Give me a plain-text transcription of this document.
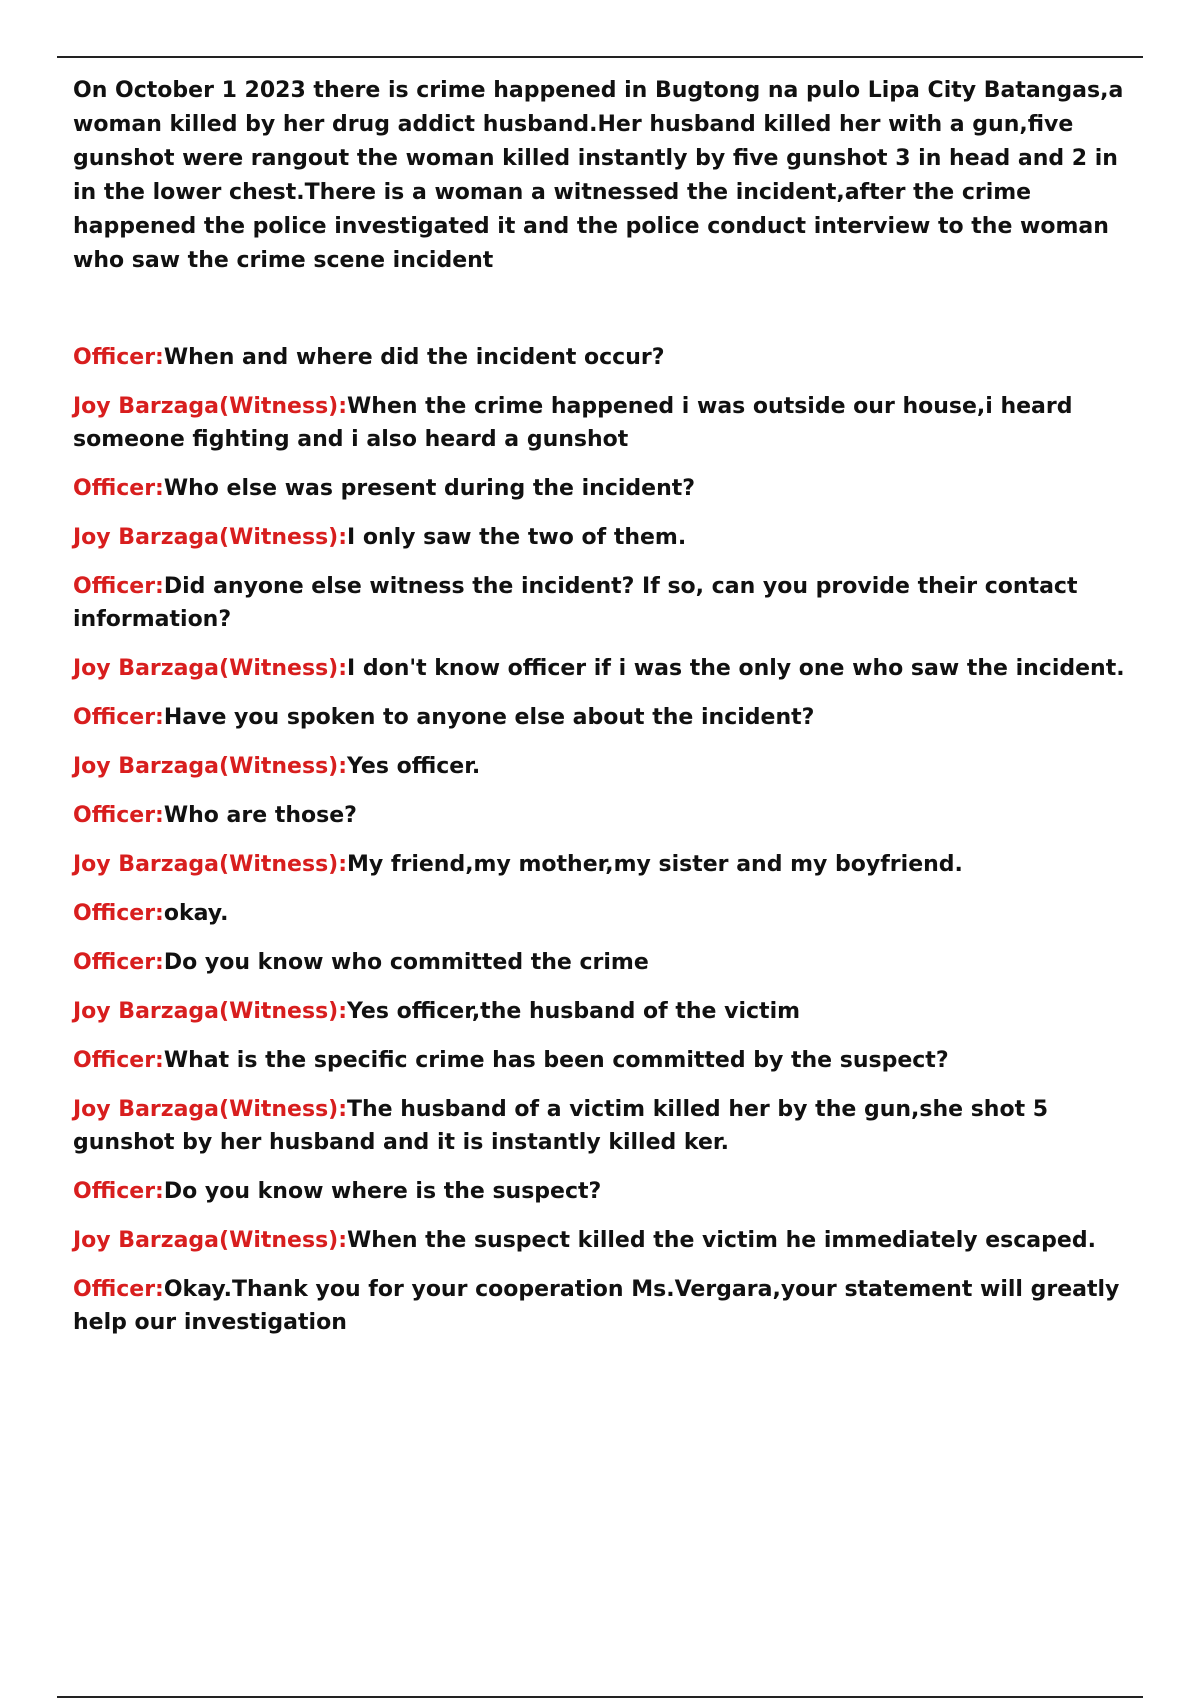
On October 1 2023 there is crime happened in Bugtong na pulo Lipa City Batangas,a woman killed by her drug addict husband.Her husband killed her with a gun,five gunshot were rangout the woman killed instantly by five gunshot 3 in head and 2 in in the lower chest.There is a woman a witnessed the incident,after the crime happened the police investigated it and the police conduct interview to the woman who saw the crime scene incident

Officer:When and where did the incident occur?

Joy Barzaga(Witness):When the crime happened i was outside our house,i heard someone fighting and i also heard a gunshot

Officer:Who else was present during the incident?

Joy Barzaga(Witness):I only saw the two of them.

Officer:Did anyone else witness the incident? If so, can you provide their contact information?

Joy Barzaga(Witness):I don't know officer if i was the only one who saw the incident.

Officer:Have you spoken to anyone else about the incident?

Joy Barzaga(Witness):Yes officer.

Officer:Who are those?

Joy Barzaga(Witness):My friend,my mother,my sister and my boyfriend.

Officer:okay.

Officer:Do you know who committed the crime

Joy Barzaga(Witness):Yes officer,the husband of the victim

Officer:What is the specific crime has been committed by the suspect?

Joy Barzaga(Witness):The husband of a victim killed her by the gun,she shot 5 gunshot by her husband and it is instantly killed ker.

Officer:Do you know where is the suspect?

Joy Barzaga(Witness):When the suspect killed the victim he immediately escaped.

Officer:Okay.Thank you for your cooperation Ms.Vergara,your statement will greatly help our investigation
